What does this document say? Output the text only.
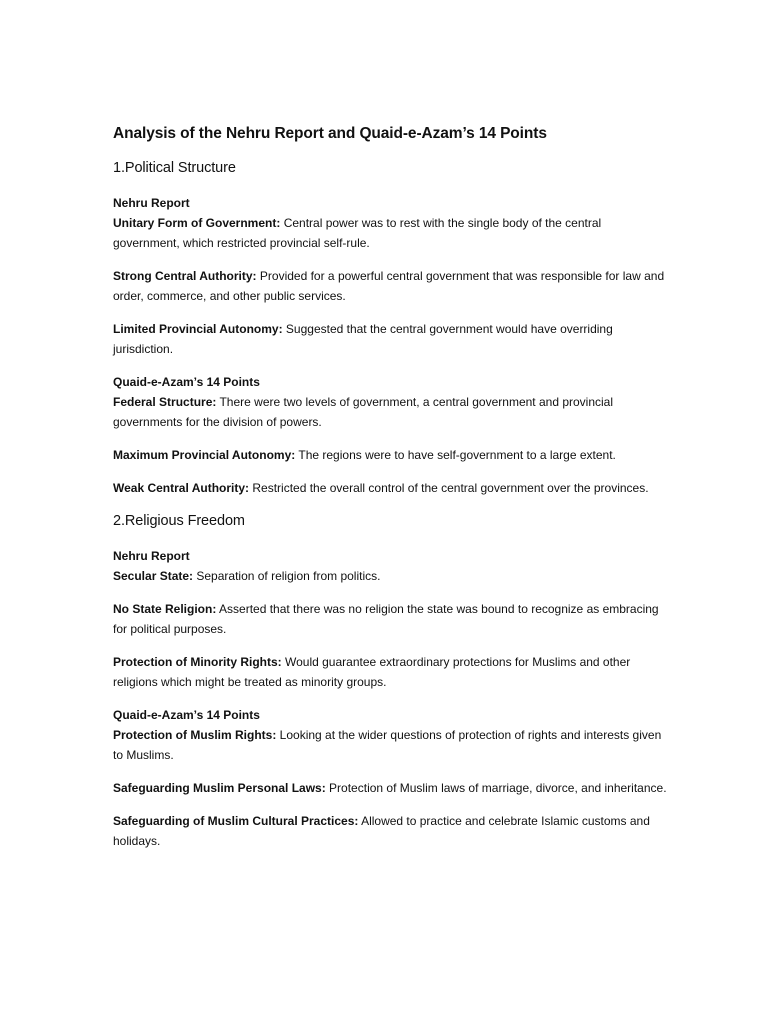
Analysis of the Nehru Report and Quaid-e-Azam’s 14 Points
1.Political Structure

Nehru Report

Unitary Form of Government: Central power was to rest with the single body of the central government, which restricted provincial self-rule.

Strong Central Authority: Provided for a powerful central government that was responsible for law and order, commerce, and other public services.

Limited Provincial Autonomy: Suggested that the central government would have overriding jurisdiction.

Quaid-e-Azam’s 14 Points

Federal Structure: There were two levels of government, a central government and provincial governments for the division of powers.

Maximum Provincial Autonomy: The regions were to have self-government to a large extent.

Weak Central Authority: Restricted the overall control of the central government over the provinces.

2.Religious Freedom

Nehru Report

Secular State: Separation of religion from politics.

No State Religion: Asserted that there was no religion the state was bound to recognize as embracing for political purposes.

Protection of Minority Rights: Would guarantee extraordinary protections for Muslims and other religions which might be treated as minority groups.

Quaid-e-Azam’s 14 Points

Protection of Muslim Rights: Looking at the wider questions of protection of rights and interests given to Muslims.

Safeguarding Muslim Personal Laws: Protection of Muslim laws of marriage, divorce, and inheritance.

Safeguarding of Muslim Cultural Practices: Allowed to practice and celebrate Islamic customs and holidays.
